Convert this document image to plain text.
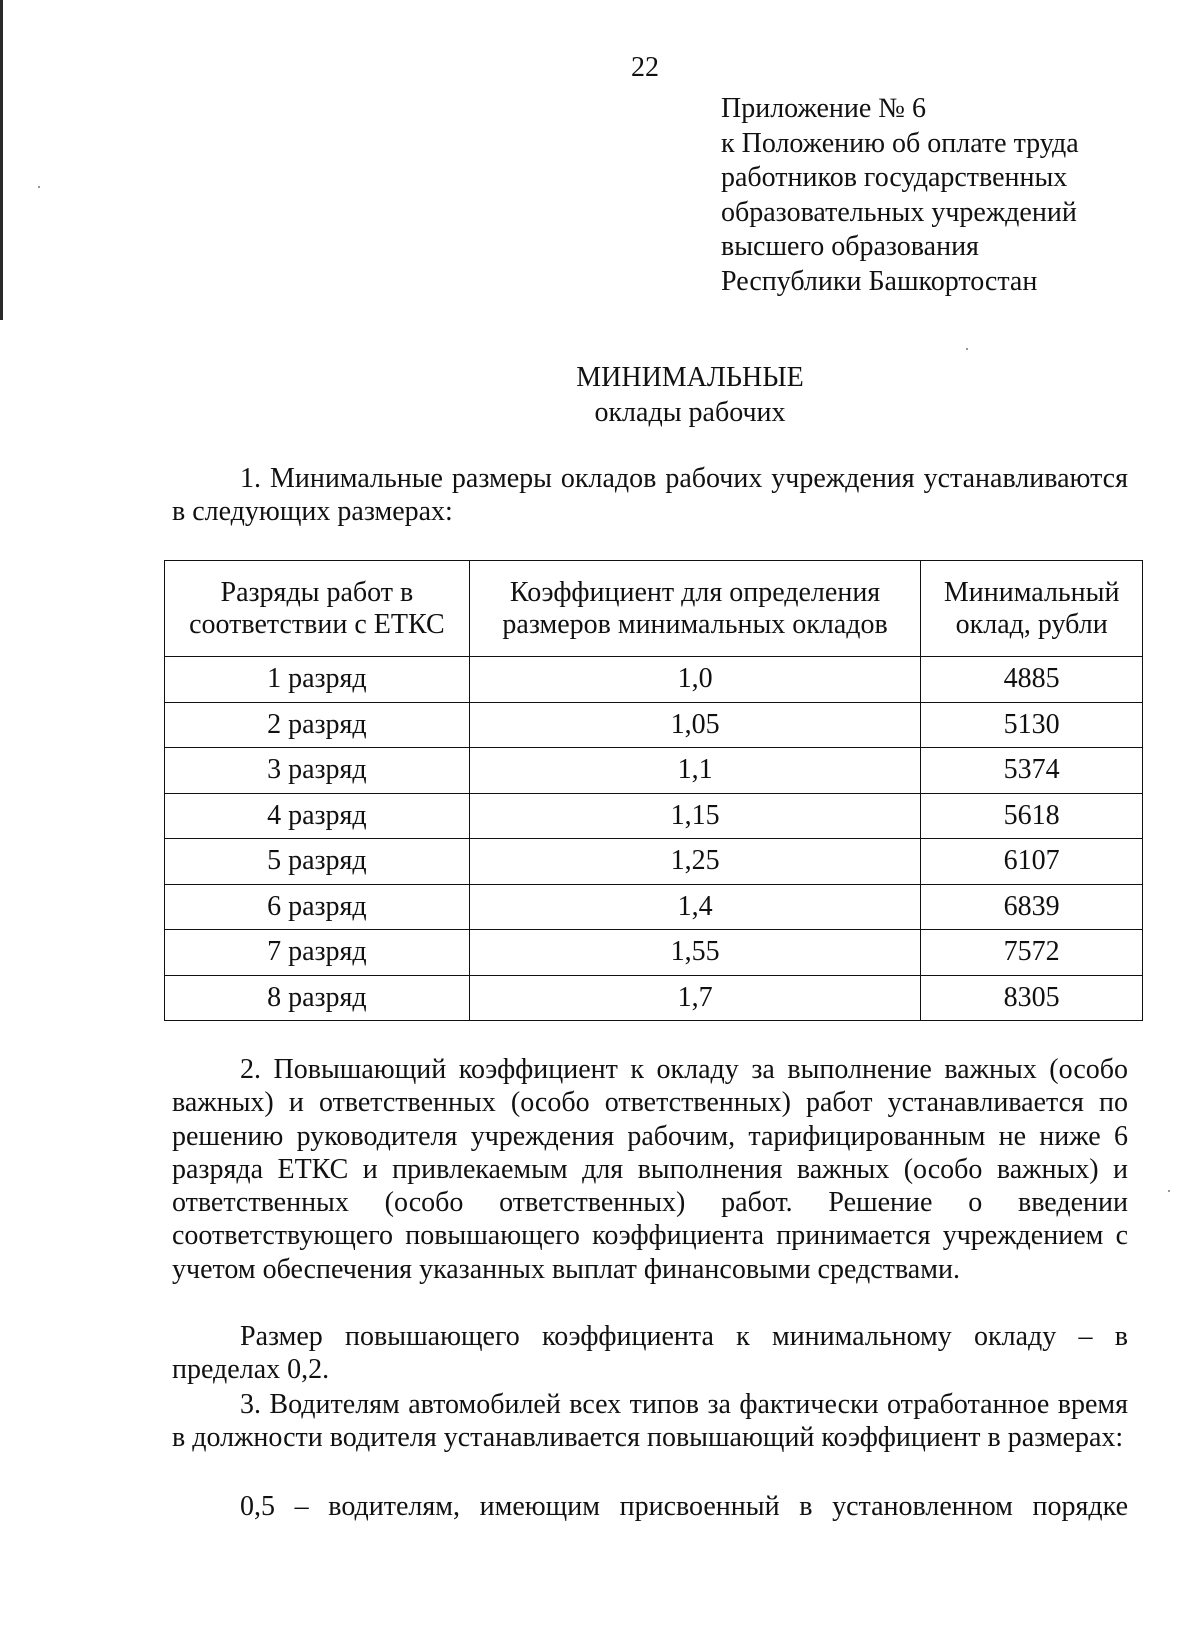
22
Приложение № 6
к Положению об оплате труда
работников государственных
образовательных учреждений
высшего образования
Республики Башкортостан
МИНИМАЛЬНЫЕ
оклады рабочих
1. Минимальные размеры окладов рабочих учреждения устанавливаются в следующих размерах:
Разряды работ в соответствии с ЕТКС	Коэффициент для определения размеров минимальных окладов	Минимальный оклад, рубли
1 разряд	1,0	4885
2 разряд	1,05	5130
3 разряд	1,1	5374
4 разряд	1,15	5618
5 разряд	1,25	6107
6 разряд	1,4	6839
7 разряд	1,55	7572
8 разряд	1,7	8305
2. Повышающий коэффициент к окладу за выполнение важных (особо важных) и ответственных (особо ответственных) работ устанавливается по решению руководителя учреждения рабочим, тарифицированным не ниже 6 разряда ЕТКС и привлекаемым для выполнения важных (особо важных) и ответственных (особо ответственных) работ. Решение о введении соответствующего повышающего коэффициента принимается учреждением с учетом обеспечения указанных выплат финансовыми средствами.
Размер повышающего коэффициента к минимальному окладу – в пределах 0,2.
3. Водителям автомобилей всех типов за фактически отработанное время в должности водителя устанавливается повышающий коэффициент в размерах:
0,5 – водителям, имеющим присвоенный в установленном порядке
